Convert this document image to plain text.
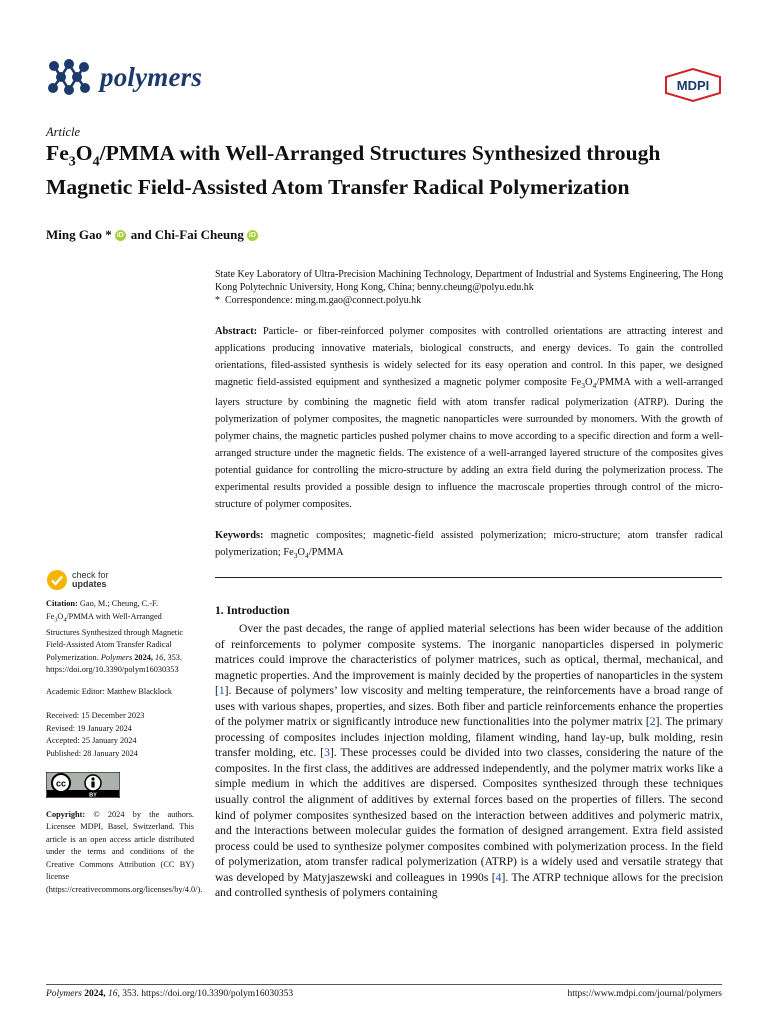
polymers	MDPI
Article
$Fe_3O_4$/PMMA with Well-Arranged Structures Synthesized through Magnetic Field-Assisted Atom Transfer Radical Polymerization
Ming Gao * iD and Chi-Fai Cheung iD
State Key Laboratory of Ultra-Precision Machining Technology, Department of Industrial and Systems Engineering, The Hong Kong Polytechnic University, Hong Kong, China; benny.cheung@polyu.edu.hk
* Correspondence: ming.m.gao@connect.polyu.hk
Abstract: Particle- or fiber-reinforced polymer composites with controlled orientations are attracting interest and applications producing innovative materials, biological constructs, and energy devices. To gain the controlled orientations, filed-assisted synthesis is widely selected for its easy operation and control. In this paper, we designed magnetic field-assisted equipment and synthesized a magnetic polymer composite $Fe_3O_4$/PMMA with a well-arranged layers structure by combining the magnetic field with atom transfer radical polymerization (ATRP). During the polymerization of polymer composites, the magnetic nanoparticles were surrounded by monomers. With the growth of polymer chains, the magnetic particles pushed polymer chains to move according to a specific direction and form a well-arranged structure under the magnetic fields. The existence of a well-arranged layered structure of the composites gives potential guidance for controlling the micro-structure by adding an extra field during the polymerization process. The experimental results provided a possible design to influence the macroscale properties through control of the micro-structure of polymer composites.
Keywords: magnetic composites; magnetic-field assisted polymerization; micro-structure; atom transfer radical polymerization; $Fe_3O_4$/PMMA
check for
updates

Citation: Gao, M.; Cheung, C.-F. $Fe_3O_4$/PMMA with Well-Arranged Structures Synthesized through Magnetic Field-Assisted Atom Transfer Radical Polymerization. Polymers 2024, 16, 353. https://doi.org/10.3390/polym16030353

Academic Editor: Matthew Blacklock

Received: 15 December 2023
Revised: 19 January 2024
Accepted: 25 January 2024
Published: 28 January 2024
cc
BY

Copyright: © 2024 by the authors. Licensee MDPI, Basel, Switzerland. This article is an open access article distributed under the terms and conditions of the Creative Commons Attribution (CC BY) license (https://creativecommons.org/licenses/by/4.0/).

1. Introduction
Over the past decades, the range of applied material selections has been wider because of the addition of reinforcements to polymer composite systems. The inorganic nanoparticles dispersed in polymeric matrices could improve the characteristics of polymer matrices, such as optical, thermal, mechanical, and magnetic properties. And the improvement is mainly decided by the properties of nanoparticles in the system [1]. Because of polymers’ low viscosity and melting temperature, the reinforcements have a broad range of uses with various shapes, properties, and sizes. Both fiber and particle reinforcements enhance the properties of the polymer matrix or significantly introduce new functionalities into the polymer matrix [2]. The primary processing of composites includes injection molding, filament winding, hand lay-up, bulk molding, resin transfer molding, etc. [3]. These processes could be divided into two classes, considering the nature of the composites. In the first class, the additives are addressed independently, and the polymer matrix works like a simple medium in which the additives are dispersed. Composites synthesized through these techniques usually control the alignment of additives by external forces based on the properties of fillers. The second kind of polymer composites synthesized based on the interaction between additives and polymeric matrix, and the interactions between molecular guides the formation of designed arrangement. Extra field assisted process could be used to synthesize polymer composites combined with polymerization process. In the field of polymerization, atom transfer radical polymerization (ATRP) is a widely used and versatile strategy that was developed by Matyjaszewski and colleagues in 1990s [4]. The ATRP technique allows for the precision and controlled synthesis of polymers containing
Polymers 2024, 16, 353. https://doi.org/10.3390/polym16030353	https://www.mdpi.com/journal/polymers
